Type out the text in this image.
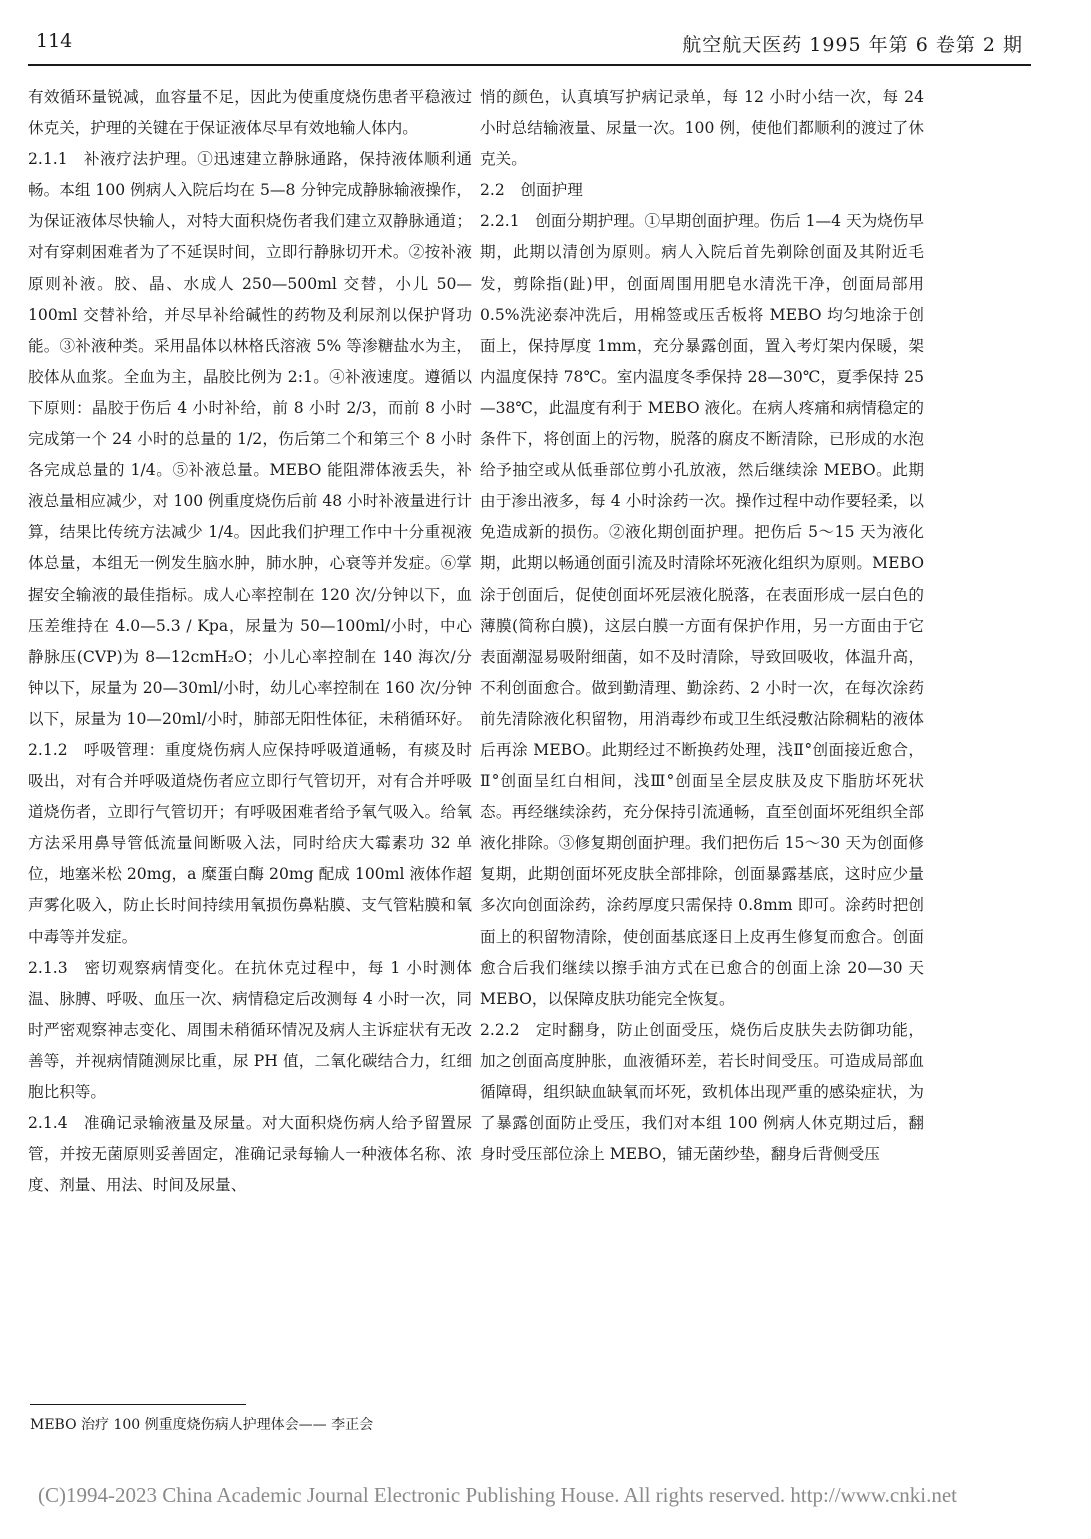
114	航空航天医药 1995 年第 6 卷第 2 期

有效循环量锐减，血容量不足，因此为使重度烧伤患者平稳液过休克关，护理的关键在于保证液体尽早有效地输人体内。

2.1.1 补液疗法护理。①迅速建立静脉通路，保持液体顺利通畅。本组 100 例病人入院后均在 5—8 分钟完成静脉输液操作，为保证液体尽快输人，对特大面积烧伤者我们建立双静脉通道；对有穿刺困难者为了不延误时间，立即行静脉切开术。②按补液原则补液。胶、晶、水成人 250—500ml 交替，小儿 50—100ml 交替补给，并尽早补给碱性的药物及利尿剂以保护肾功能。③补液种类。采用晶体以林格氏溶液 5% 等渗糖盐水为主，胶体从血浆。全血为主，晶胶比例为 2:1。④补液速度。遵循以下原则：晶胶于伤后 4 小时补给，前 8 小时 2/3，而前 8 小时完成第一个 24 小时的总量的 1/2，伤后第二个和第三个 8 小时各完成总量的 1/4。⑤补液总量。MEBO 能阻滞体液丢失，补液总量相应减少，对 100 例重度烧伤后前 48 小时补液量进行计算，结果比传统方法减少 1/4。因此我们护理工作中十分重视液体总量，本组无一例发生脑水肿，肺水肿，心衰等并发症。⑥掌握安全输液的最佳指标。成人心率控制在 120 次/分钟以下，血压差维持在 4.0—5.3 / Kpa，尿量为 50—100ml/小时，中心静脉压(CVP)为 8—12cmH₂O；小儿心率控制在 140 海次/分钟以下，尿量为 20—30ml/小时，幼儿心率控制在 160 次/分钟以下，尿量为 10—20ml/小时，肺部无阳性体征，未稍循环好。

2.1.2 呼吸管理：重度烧伤病人应保持呼吸道通畅，有痰及时吸出，对有合并呼吸道烧伤者应立即行气管切开，对有合并呼吸道烧伤者，立即行气管切开；有呼吸困难者给予氧气吸入。给氧方法采用鼻导管低流量间断吸入法，同时给庆大霉素功 32 单位，地塞米松 20mg，a 糜蛋白酶 20mg 配成 100ml 液体作超声雾化吸入，防止长时间持续用氧损伤鼻粘膜、支气管粘膜和氧中毒等并发症。

2.1.3 密切观察病情变化。在抗休克过程中，每 1 小时测体温、脉膊、呼吸、血压一次、病情稳定后改测每 4 小时一次，同时严密观察神志变化、周围未稍循环情况及病人主诉症状有无改善等，并视病情随测尿比重，尿 PH 值，二氧化碳结合力，红细胞比积等。

2.1.4 准确记录输液量及尿量。对大面积烧伤病人给予留置尿管，并按无菌原则妥善固定，准确记录每输人一种液体名称、浓度、剂量、用法、时间及尿量、

悄的颜色，认真填写护病记录单，每 12 小时小结一次，每 24 小时总结输液量、尿量一次。100 例，使他们都顺利的渡过了休克关。

2.2 创面护理

2.2.1 创面分期护理。①早期创面护理。伤后 1—4 天为烧伤早期，此期以清创为原则。病人入院后首先剃除创面及其附近毛发，剪除指(趾)甲，创面周围用肥皂水清洗干净，创面局部用 0.5%洗泌泰冲洗后，用棉签或压舌板将 MEBO 均匀地涂于创面上，保持厚度 1mm，充分暴露创面，置入考灯架内保暖，架内温度保持 78℃。室内温度冬季保持 28—30℃，夏季保持 25—38℃，此温度有利于 MEBO 液化。在病人疼痛和病情稳定的条件下，将创面上的污物，脱落的腐皮不断清除，已形成的水泡给予抽空或从低垂部位剪小孔放液，然后继续涂 MEBO。此期由于渗出液多，每 4 小时涂药一次。操作过程中动作要轻柔，以免造成新的损伤。②液化期创面护理。把伤后 5～15 天为液化期，此期以畅通创面引流及时清除坏死液化组织为原则。MEBO 涂于创面后，促使创面坏死层液化脱落，在表面形成一层白色的薄膜(简称白膜)，这层白膜一方面有保护作用，另一方面由于它表面潮湿易吸附细菌，如不及时清除，导致回吸收，体温升高，不利创面愈合。做到勤清理、勤涂药、2 小时一次，在每次涂药前先清除液化积留物，用消毒纱布或卫生纸浸敷沾除稠粘的液体后再涂 MEBO。此期经过不断换药处理，浅Ⅱ°创面接近愈合，Ⅱ°创面呈红白相间，浅Ⅲ°创面呈全层皮肤及皮下脂肪坏死状态。再经继续涂药，充分保持引流通畅，直至创面坏死组织全部液化排除。③修复期创面护理。我们把伤后 15～30 天为创面修复期，此期创面坏死皮肤全部排除，创面暴露基底，这时应少量多次向创面涂药，涂药厚度只需保持 0.8mm 即可。涂药时把创面上的积留物清除，使创面基底逐日上皮再生修复而愈合。创面愈合后我们继续以擦手油方式在已愈合的创面上涂 20—30 天 MEBO，以保障皮肤功能完全恢复。

2.2.2 定时翻身，防止创面受压，烧伤后皮肤失去防御功能，加之创面高度肿胀，血液循环差，若长时间受压。可造成局部血循障碍，组织缺血缺氧而坏死，致机体出现严重的感染症状，为了暴露创面防止受压，我们对本组 100 例病人休克期过后，翻身时受压部位涂上 MEBO，铺无菌纱垫，翻身后背侧受压

MEBO 治疗 100 例重度烧伤病人护理体会—— 李正会
(C)1994-2023 China Academic Journal Electronic Publishing House. All rights reserved. http://www.cnki.net
